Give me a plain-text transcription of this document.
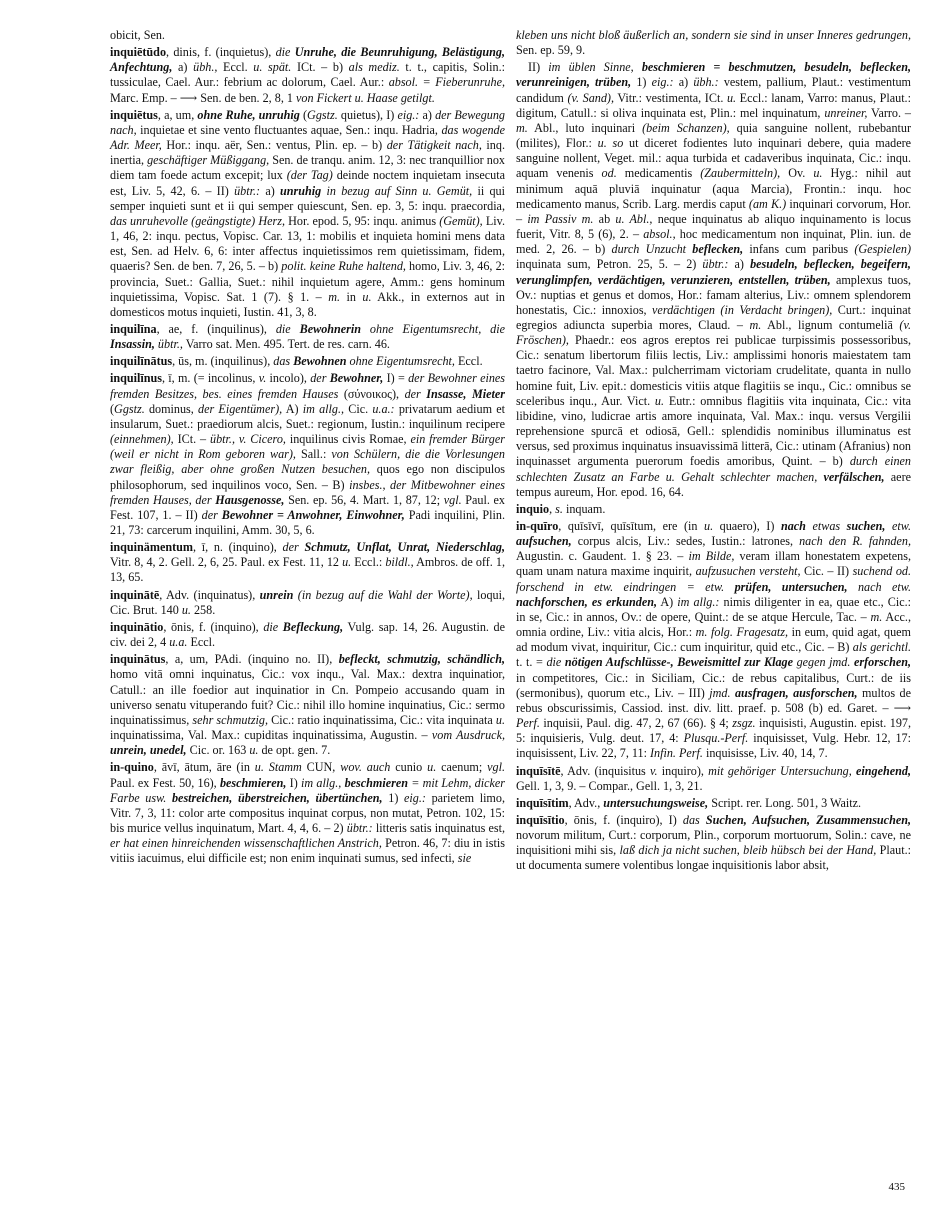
obicit, Sen.
inquiētūdo, dinis, f. (inquietus), die Unruhe, die Beunruhigung, Belästigung, Anfechtung, a) übh., Eccl. u. spät. ICt. – b) als mediz. t. t., capitis, Solin.: tussiculae, Cael. Aur.: febrium ac dolorum, Cael. Aur.: absol. = Fieberunruhe, Marc. Emp. – ⟶ Sen. de ben. 2, 8, 1 von Fickert u. Haase getilgt.
inquiētus, a, um, ohne Ruhe, unruhig (Ggstz. quietus), I) eig.: a) der Bewegung nach, inquietae et sine vento fluctuantes aquae, Sen.: inqu. Hadria, das wogende Adr. Meer, Hor.: inqu. aër, Sen.: ventus, Plin. ep. – b) der Tätigkeit nach, inq. inertia, geschäftiger Müßiggang, Sen. de tranqu. anim. 12, 3: nec tranquillior nox diem tam foede actum excepit; lux (der Tag) deinde noctem inquietam insecuta est, Liv. 5, 42, 6. – II) übtr.: a) unruhig in bezug auf Sinn u. Gemüt, ii qui semper inquieti sunt et ii qui semper quiescunt, Sen. ep. 3, 5: inqu. praecordia, das unruhevolle (geängstigte) Herz, Hor. epod. 5, 95: inqu. animus (Gemüt), Liv. 1, 46, 2: inqu. pectus, Vopisc. Car. 13, 1: mobilis et inquieta homini mens data est, Sen. ad Helv. 6, 6: inter affectus inquietissimos rem quietissimam, fidem, quaeris? Sen. de ben. 7, 26, 5. – b) polit. keine Ruhe haltend, homo, Liv. 3, 46, 2: provincia, Suet.: Gallia, Suet.: nihil inquietum agere, Amm.: gens hominum inquietissima, Vopisc. Sat. 1 (7). § 1. – m. in u. Akk., in externos aut in domesticos motus inquieti, Iustin. 41, 3, 8.
inquilīna, ae, f. (inquilinus), die Bewohnerin ohne Eigentumsrecht, die Insassin, übtr., Varro sat. Men. 495. Tert. de res. carn. 46.
inquilīnātus, ūs, m. (inquilinus), das Bewohnen ohne Eigentumsrecht, Eccl.
inquilīnus, ī, m. (= incolinus, v. incolo), der Bewohner, I) = der Bewohner eines fremden Besitzes, bes. eines fremden Hauses (σύνοικος), der Insasse, Mieter (Ggstz. dominus, der Eigentümer), A) im allg., Cic. u.a.: privatarum aedium et insularum, Suet.: praediorum alcis, Suet.: regionum, Iustin.: inquilinum recipere (einnehmen), ICt. – übtr., v. Cicero, inquilinus civis Romae, ein fremder Bürger (weil er nicht in Rom geboren war), Sall.: von Schülern, die die Vorlesungen zwar fleißig, aber ohne großen Nutzen besuchen, quos ego non discipulos philosophorum, sed inquilinos voco, Sen. – B) insbes., der Mitbewohner eines fremden Hauses, der Hausgenosse, Sen. ep. 56, 4. Mart. 1, 87, 12; vgl. Paul. ex Fest. 107, 1. – II) der Bewohner = Anwohner, Einwohner, Padi inquilini, Plin. 21, 73: carcerum inquilini, Amm. 30, 5, 6.
inquinämentum, ī, n. (inquino), der Schmutz, Unflat, Unrat, Niederschlag, Vitr. 8, 4, 2. Gell. 2, 6, 25. Paul. ex Fest. 11, 12 u. Eccl.: bildl., Ambros. de off. 1, 13, 65.
inquinātē, Adv. (inquinatus), unrein (in bezug auf die Wahl der Worte), loqui, Cic. Brut. 140 u. 258.
inquinātio, ōnis, f. (inquino), die Befleckung, Vulg. sap. 14, 26. Augustin. de civ. dei 2, 4 u.a. Eccl.
inquinātus, a, um, PAdi. (inquino no. II), befleckt, schmutzig, schändlich, homo vitā omni inquinatus, Cic.: vox inqu., Val. Max.: dextra inquinatior, Catull.: an ille foedior aut inquinatior in Cn. Pompeio accusando quam in universo senatu vituperando fuit? Cic.: nihil illo homine inquinatius, Cic.: sermo inquinatissimus, sehr schmutzig, Cic.: ratio inquinatissima, Cic.: vita inquinata u. inquinatissima, Val. Max.: cupiditas inquinatissima, Augustin. – vom Ausdruck, unrein, unedel, Cic. or. 163 u. de opt. gen. 7.
in-quino, āvī, ātum, āre (in u. Stamm CUN, wov. auch cunio u. caenum; vgl. Paul. ex Fest. 50, 16), beschmieren, I) im allg., beschmieren = mit Lehm, dicker Farbe usw. bestreichen, überstreichen, übertünchen, 1) eig.: parietem limo, Vitr. 7, 3, 11: color arte compositus inquinat corpus, non mutat, Petron. 102, 15: bis murice vellus inquinatum, Mart. 4, 4, 6. – 2) übtr.: litteris satis inquinatus est, er hat einen hinreichenden wissenschaftlichen Anstrich, Petron. 46, 7: diu in istis vitiis iacuimus, elui difficile est; non enim inquinati sumus, sed infecti, sie
kleben uns nicht bloß äußerlich an, sondern sie sind in unser Inneres gedrungen, Sen. ep. 59, 9.
II) im üblen Sinne, beschmieren = beschmutzen, besudeln, beflecken, verunreinigen, trüben, 1) eig.: a) übh.: vestem, pallium, Plaut.: vestimentum candidum (v. Sand), Vitr.: vestimenta, ICt. u. Eccl.: lanam, Varro: manus, Plaut.: digitum, Catull.: si oliva inquinata est, Plin.: mel inquinatum, unreiner, Varro. – m. Abl., luto inquinari (beim Schanzen), quia sanguine nollent, rubebantur (milites), Flor.: u. so ut diceret fodientes luto inquinari debere, quia madere sanguine nollent, Veget. mil.: aqua turbida et cadaveribus inquinata, Cic.: inqu. aquam venenis od. medicamentis (Zaubermitteln), Ov. u. Hyg.: nihil aut minimum aquā pluviā inquinatur (aqua Marcia), Frontin.: inqu. hoc medicamento manus, Scrib. Larg. merdis caput (am K.) inquinari corvorum, Hor. – im Passiv m. ab u. Abl., neque inquinatus ab aliquo inquinamento is locus fuerit, Vitr. 8, 5 (6), 2. – absol., hoc medicamentum non inquinat, Plin. iun. de med. 2, 26. – b) durch Unzucht beflecken, infans cum paribus (Gespielen) inquinata sum, Petron. 25, 5. – 2) übtr.: a) besudeln, beflecken, begeifern, verunglimpfen, verdächtigen, verunzieren, entstellen, trüben, amplexus tuos, Ov.: nuptias et genus et domos, Hor.: famam alterius, Liv.: omnem splendorem honestatis, Cic.: innoxios, verdächtigen (in Verdacht bringen), Curt.: inquinat egregios adiuncta superbia mores, Claud. – m. Abl., lignum contumeliā (v. Fröschen), Phaedr.: eos agros ereptos rei publicae turpissimis possessoribus, Cic.: senatum libertorum filiis lectis, Liv.: amplissimi honoris maiestatem tam taetro facinore, Val. Max.: pulcherrimam victoriam crudelitate, quanta in nullo homine fuit, Liv. epit.: domesticis vitiis atque flagitiis se inqu., Cic.: omnibus se sceleribus inqu., Aur. Vict. u. Eutr.: omnibus flagitiis vita inquinata, Cic.: vita libidine, vino, ludicrae artis amore inquinata, Val. Max.: inqu. versus Vergilii reprehensione spurcā et odiosā, Gell.: splendidis nominibus illuminatus est versus, sed proximus inquinatus insuavissimā litterā, Cic.: utinam (Afranius) non inquinasset argumenta puerorum foedis amoribus, Quint. – b) durch einen schlechten Zusatz an Farbe u. Gehalt schlechter machen, verfälschen, aere tempus aureum, Hor. epod. 16, 64.
inquio, s. inquam.
in-quīro, quīsīvī, quīsītum, ere (in u. quaero), I) nach etwas suchen, etw. aufsuchen, corpus alcis, Liv.: sedes, Iustin.: latrones, nach den R. fahnden, Augustin. c. Gaudent. 1. § 23. – im Bilde, veram illam honestatem expetens, quam unam natura maxime inquirit, aufzusuchen versteht, Cic. – II) suchend od. forschend in etw. eindringen = etw. prüfen, untersuchen, nach etw. nachforschen, es erkunden, A) im allg.: nimis diligenter in ea, quae etc., Cic.: in se, Cic.: in annos, Ov.: de opere, Quint.: de se atque Hercule, Tac. – m. Acc., omnia ordine, Liv.: vitia alcis, Hor.: m. folg. Fragesatz, in eum, quid agat, quem ad modum vivat, inquiritur, Cic.: cum inquiritur, quid etc., Cic. – B) als gerichtl. t. t. = die nötigen Aufschlüsse-, Beweismittel zur Klage gegen jmd. erforschen, in competitores, Cic.: in Siciliam, Cic.: de rebus capitalibus, Curt.: de iis (sermonibus), quorum etc., Liv. – III) jmd. ausfragen, ausforschen, multos de rebus obscurissimis, Cassiod. inst. div. litt. praef. p. 508 (b) ed. Garet. – ⟶ Perf. inquisii, Paul. dig. 47, 2, 67 (66). § 4; zsgz. inquisisti, Augustin. epist. 197, 5: inquisieris, Vulg. deut. 17, 4: Plusqu.-Perf. inquisisset, Vulg. Hebr. 12, 17: inquisissent, Liv. 22, 7, 11: Infin. Perf. inquisisse, Liv. 40, 14, 7.
inquīsītē, Adv. (inquisitus v. inquiro), mit gehöriger Untersuchung, eingehend, Gell. 1, 3, 9. – Compar., Gell. 1, 3, 21.
inquīsītim, Adv., untersuchungsweise, Script. rer. Long. 501, 3 Waitz.
inquīsītio, ōnis, f. (inquiro), I) das Suchen, Aufsuchen, Zusammensuchen, novorum militum, Curt.: corporum, Plin., corporum mortuorum, Solin.: cave, ne inquisitioni mihi sis, laß dich ja nicht suchen, bleib hübsch bei der Hand, Plaut.: ut documenta sumere volentibus longae inquisitionis labor absit,
435
